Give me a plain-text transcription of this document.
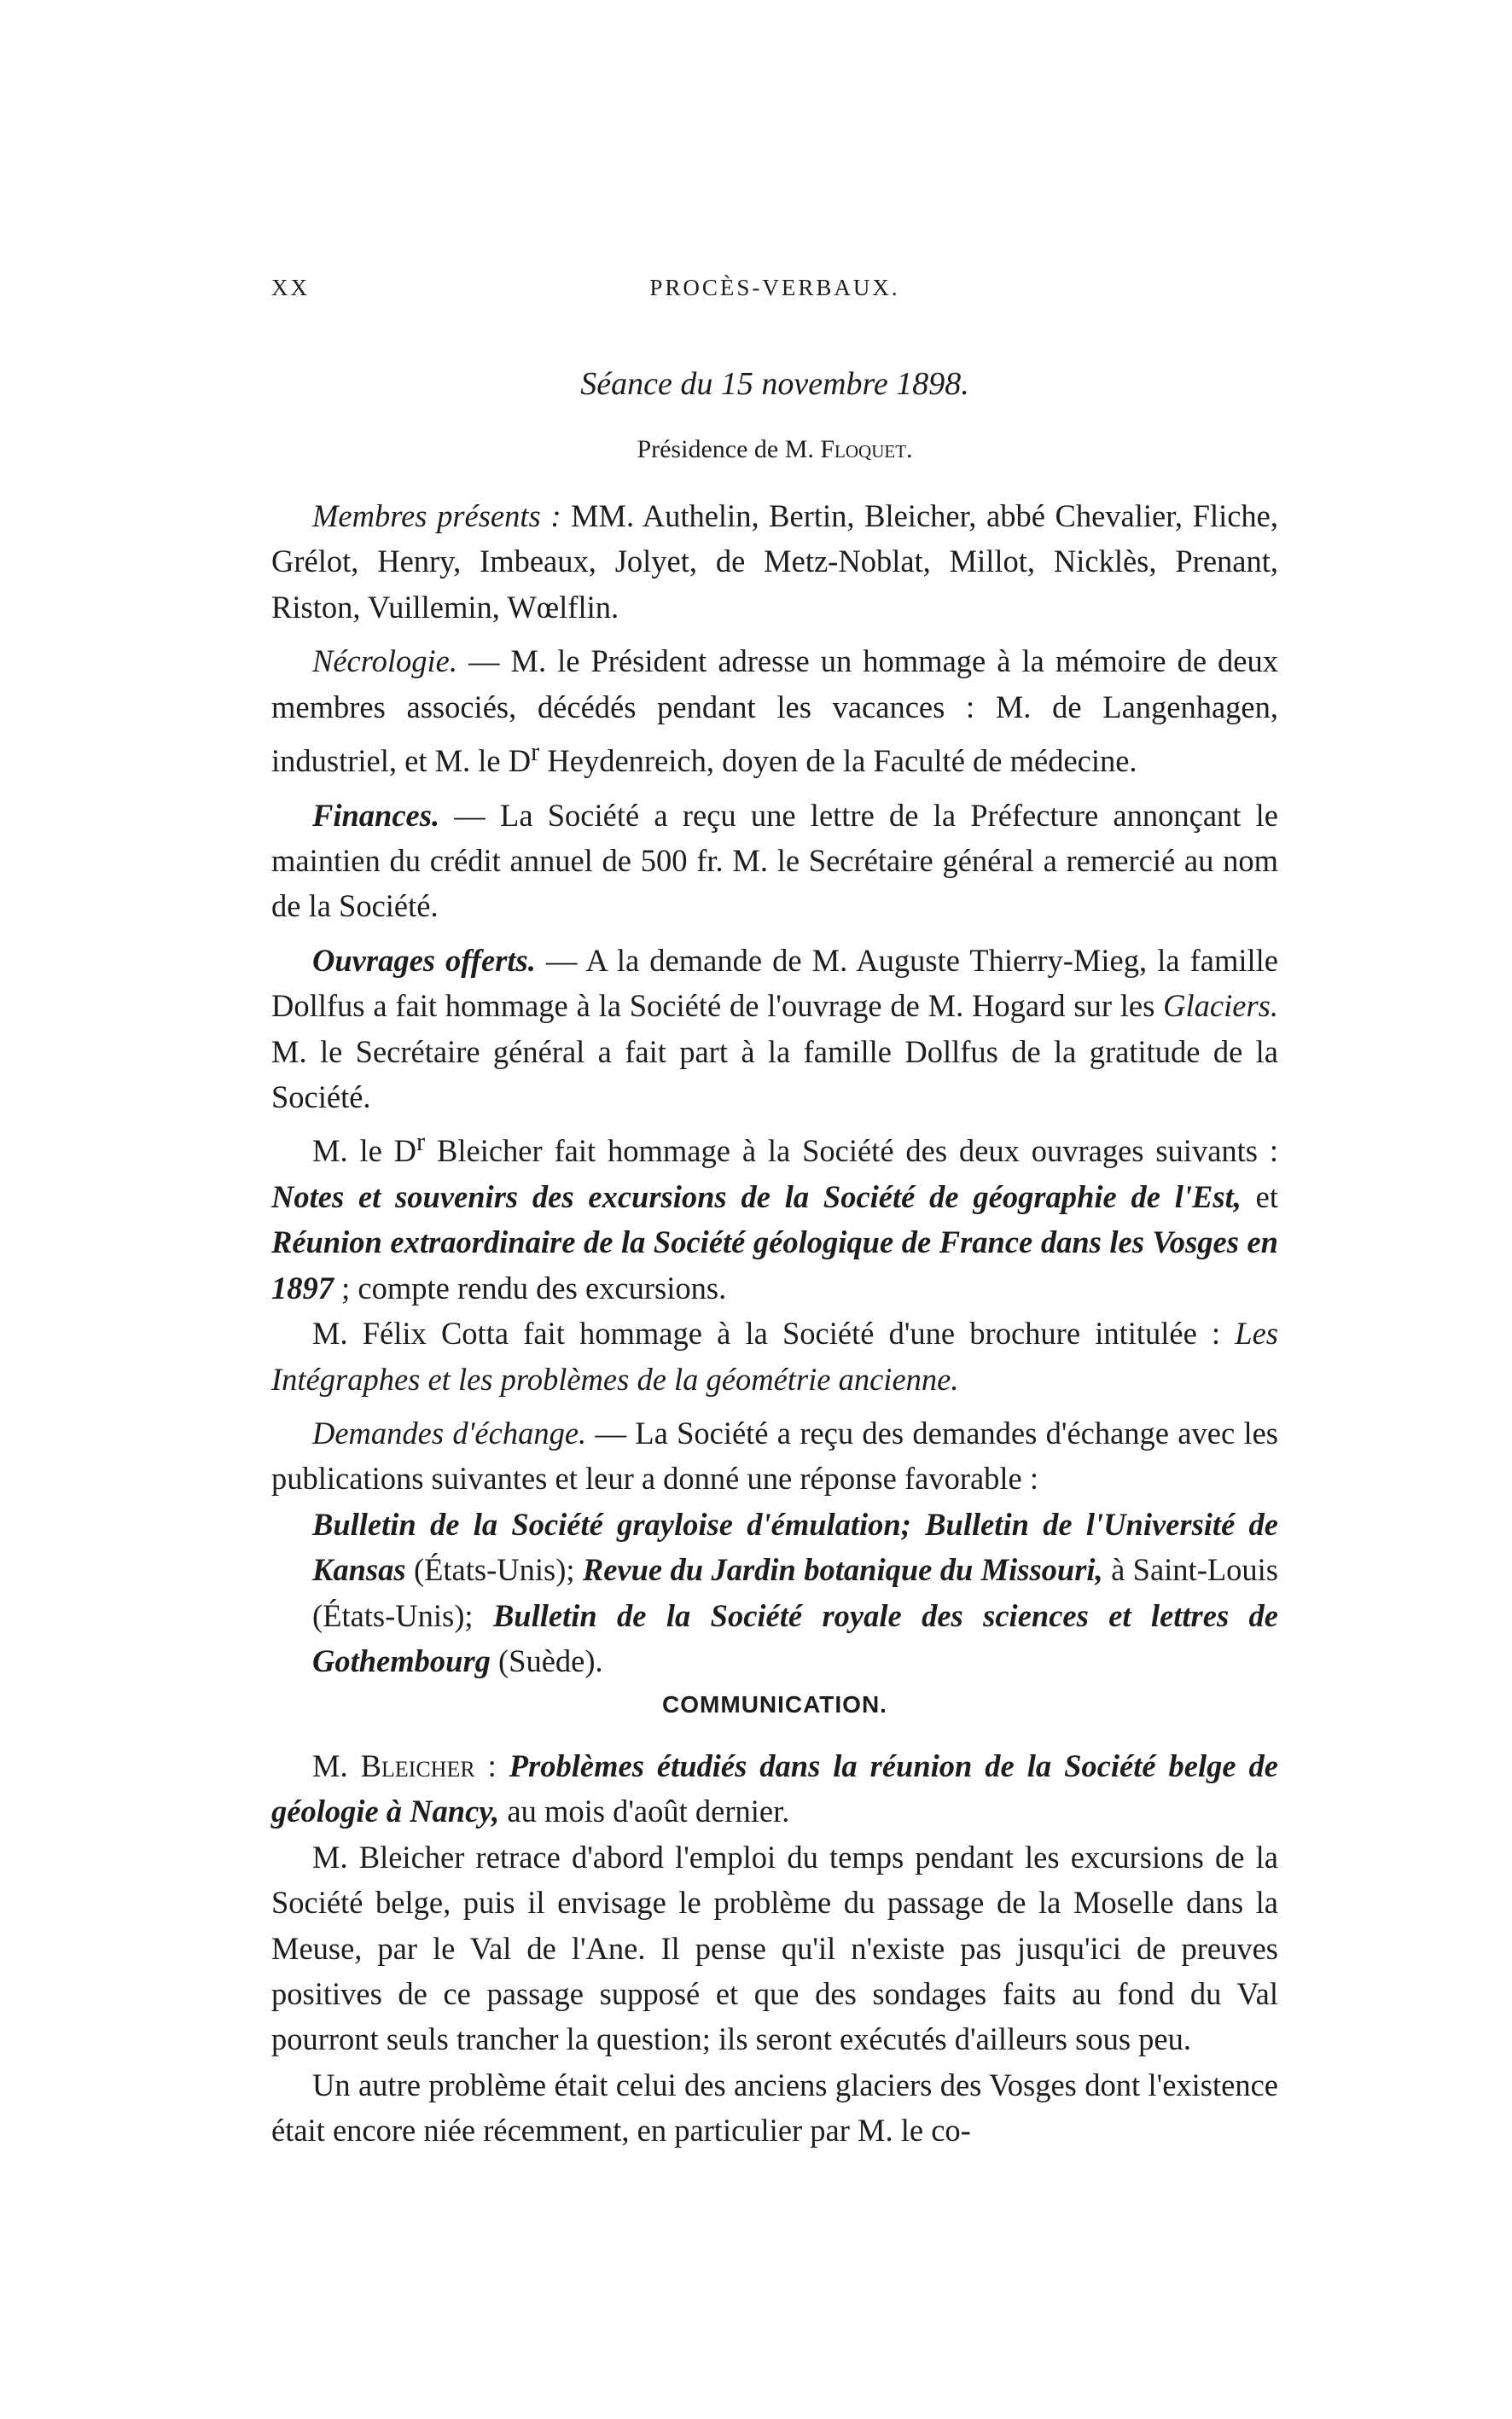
XX	PROCÈS-VERBAUX.
Séance du 15 novembre 1898.
Présidence de M. Floquet.

Membres présents : MM. Authelin, Bertin, Bleicher, abbé Chevalier, Fliche, Grélot, Henry, Imbeaux, Jolyet, de Metz-Noblat, Millot, Nicklès, Prenant, Riston, Vuillemin, Wœlflin.

Nécrologie. — M. le Président adresse un hommage à la mémoire de deux membres associés, décédés pendant les vacances : M. de Langenhagen, industriel, et M. le $D^r$ Heydenreich, doyen de la Faculté de médecine.

Finances. — La Société a reçu une lettre de la Préfecture annonçant le maintien du crédit annuel de 500 fr. M. le Secrétaire général a remercié au nom de la Société.

Ouvrages offerts. — A la demande de M. Auguste Thierry-Mieg, la famille Dollfus a fait hommage à la Société de l'ouvrage de M. Hogard sur les Glaciers. M. le Secrétaire général a fait part à la famille Dollfus de la gratitude de la Société.

M. le $D^r$ Bleicher fait hommage à la Société des deux ouvrages suivants : Notes et souvenirs des excursions de la Société de géographie de l'Est, et Réunion extraordinaire de la Société géologique de France dans les Vosges en 1897 ; compte rendu des excursions.

M. Félix Cotta fait hommage à la Société d'une brochure intitulée : Les Intégraphes et les problèmes de la géométrie ancienne.

Demandes d'échange. — La Société a reçu des demandes d'échange avec les publications suivantes et leur a donné une réponse favorable :

Bulletin de la Société grayloise d'émulation; Bulletin de l'Université de Kansas (États-Unis); Revue du Jardin botanique du Missouri, à Saint-Louis (États-Unis); Bulletin de la Société royale des sciences et lettres de Gothembourg (Suède).

COMMUNICATION.

M. Bleicher : Problèmes étudiés dans la réunion de la Société belge de géologie à Nancy, au mois d'août dernier.

M. Bleicher retrace d'abord l'emploi du temps pendant les excursions de la Société belge, puis il envisage le problème du passage de la Moselle dans la Meuse, par le Val de l'Ane. Il pense qu'il n'existe pas jusqu'ici de preuves positives de ce passage supposé et que des sondages faits au fond du Val pourront seuls trancher la question; ils seront exécutés d'ailleurs sous peu.

Un autre problème était celui des anciens glaciers des Vosges dont l'existence était encore niée récemment, en particulier par M. le co-
